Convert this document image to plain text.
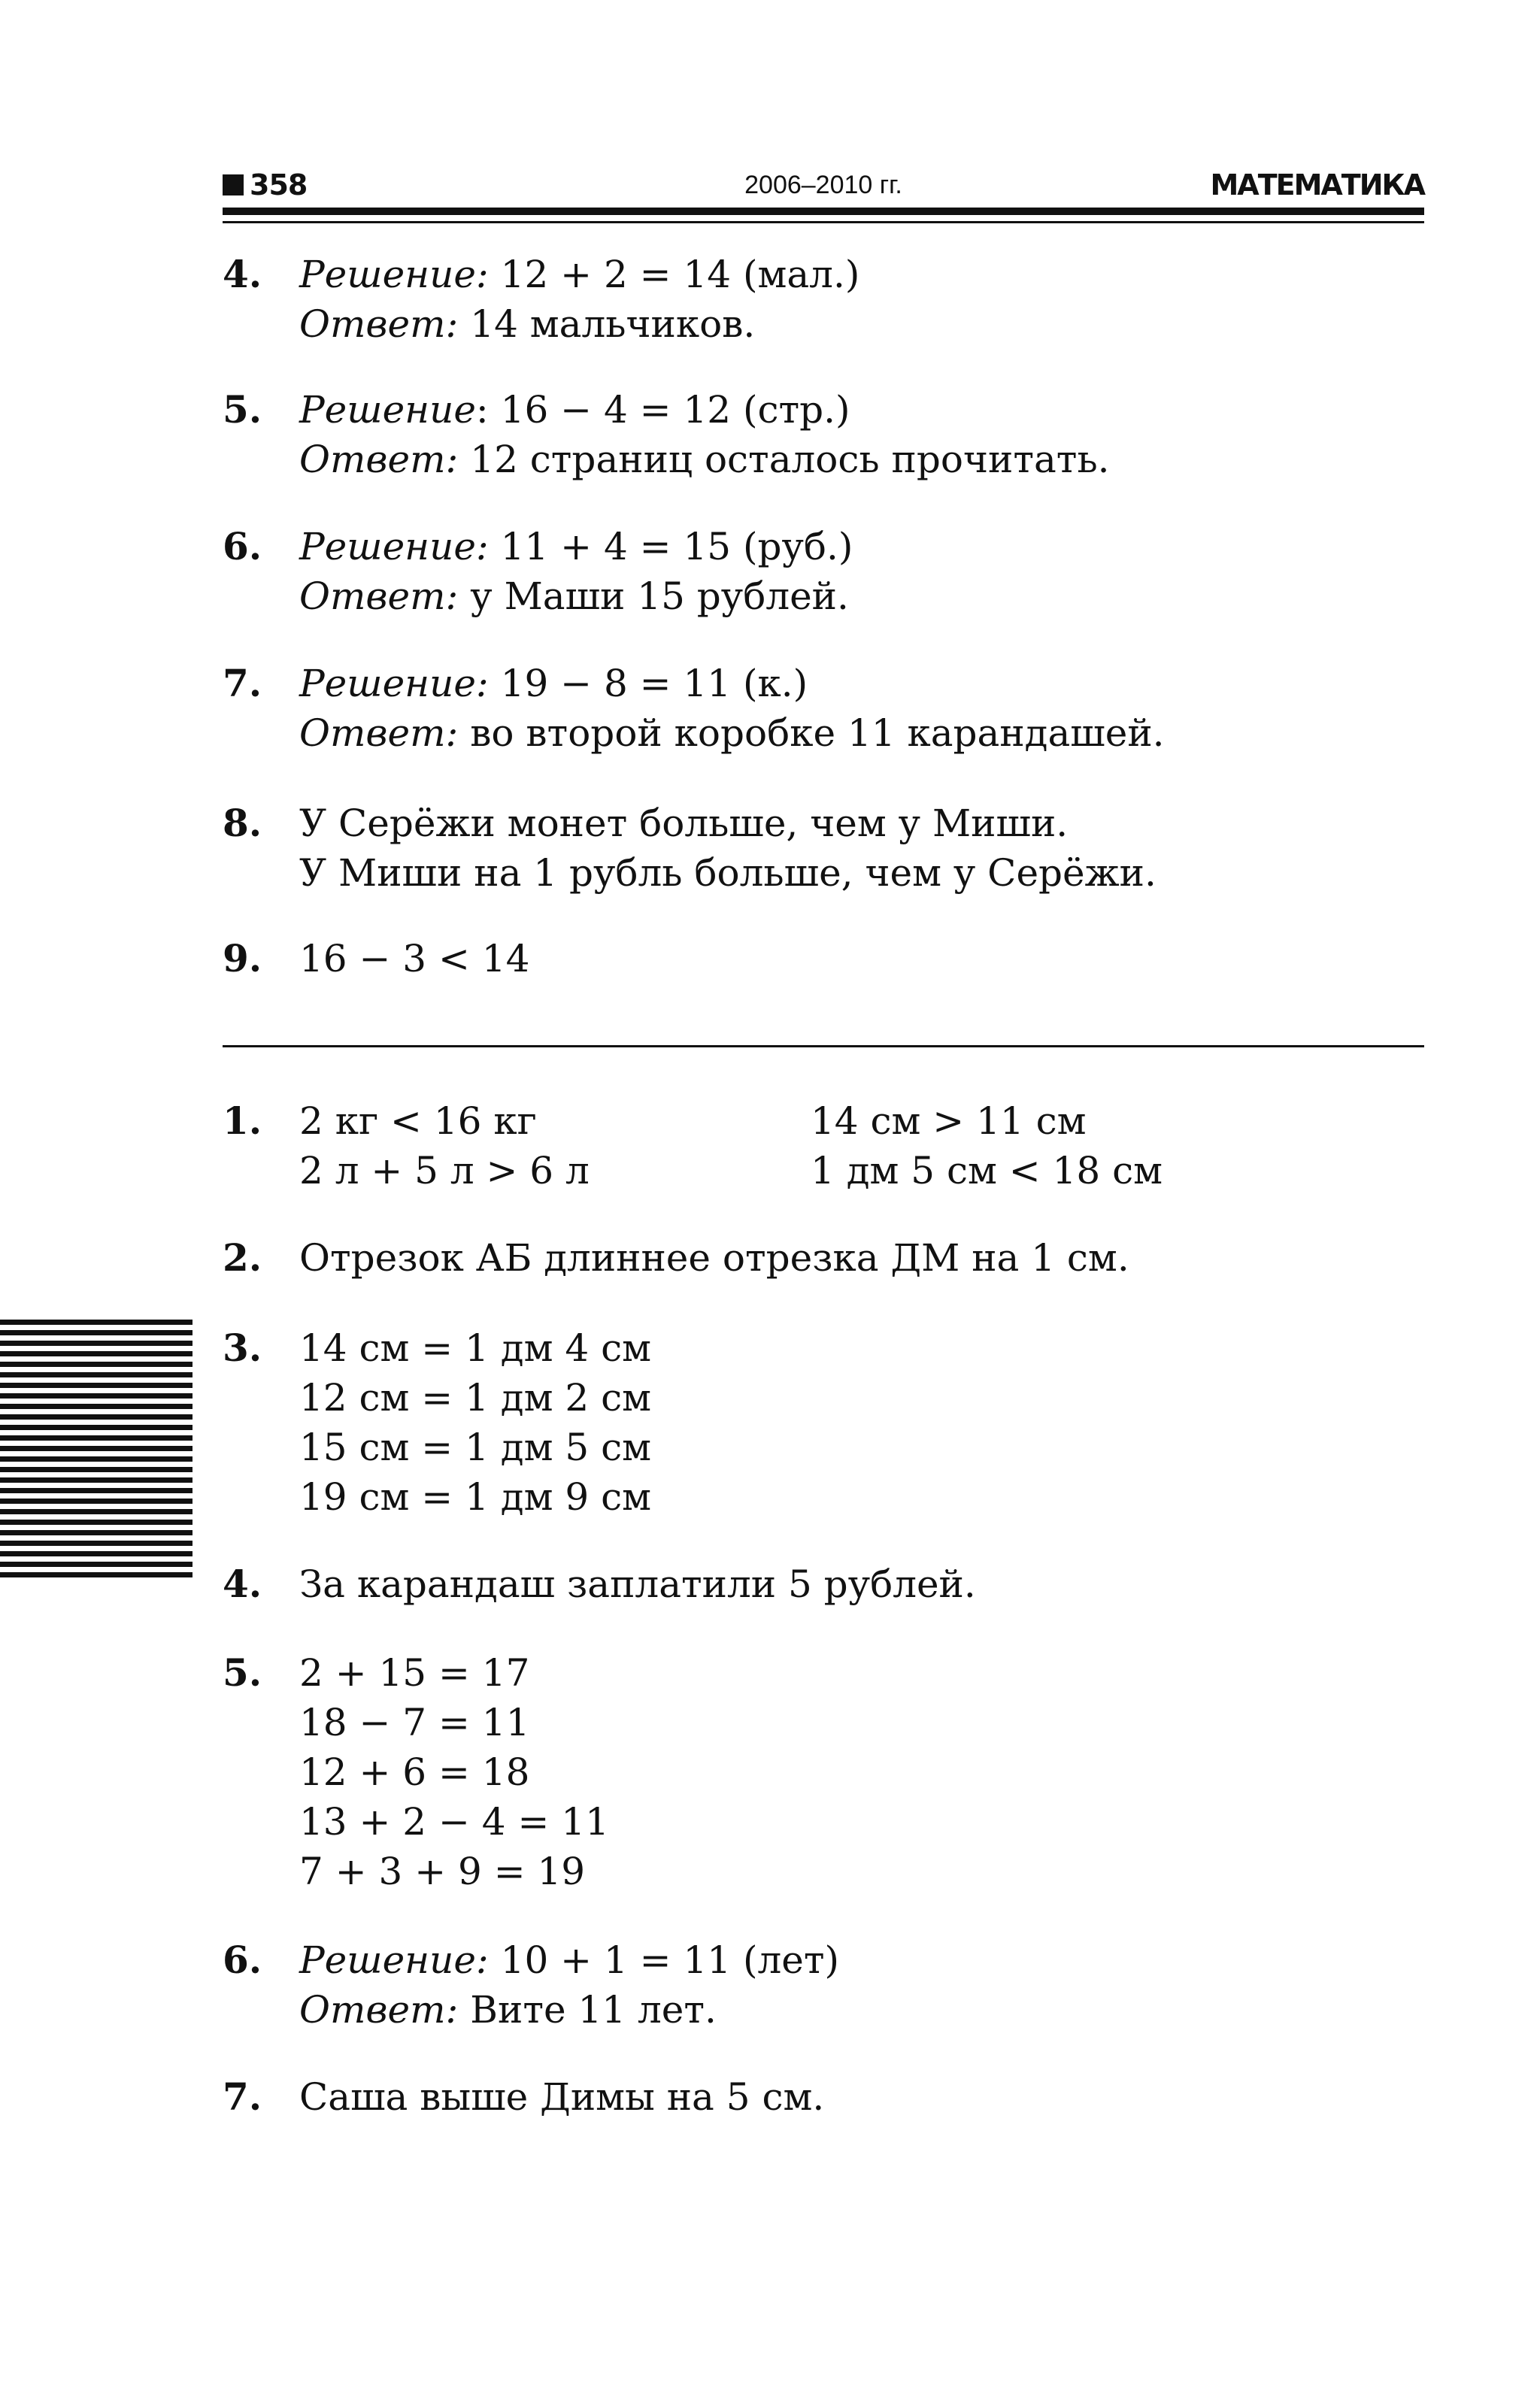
358	2006–2010 гг.	МАТЕМАТИКА
4. Решение: 12 + 2 = 14 (мал.)
Ответ: 14 мальчиков.
5. Решение: 16 − 4 = 12 (стр.)
Ответ: 12 страниц осталось прочитать.
6. Решение: 11 + 4 = 15 (руб.)
Ответ: у Маши 15 рублей.
7. Решение: 19 − 8 = 11 (к.)
Ответ: во второй коробке 11 карандашей.
8. У Серёжи монет больше, чем у Миши.
У Миши на 1 рубль больше, чем у Серёжи.
9. 16 − 3 < 14
1. 2 кг < 16 кг	14 см > 11 см
2 л + 5 л > 6 л	1 дм 5 см < 18 см
2. Отрезок АБ длиннее отрезка ДМ на 1 см.
3. 14 см = 1 дм 4 см
12 см = 1 дм 2 см
15 см = 1 дм 5 см
19 см = 1 дм 9 см
4. За карандаш заплатили 5 рублей.
5. 2 + 15 = 17
18 − 7 = 11
12 + 6 = 18
13 + 2 − 4 = 11
7 + 3 + 9 = 19
6. Решение: 10 + 1 = 11 (лет)
Ответ: Вите 11 лет.
7. Саша выше Димы на 5 см.
